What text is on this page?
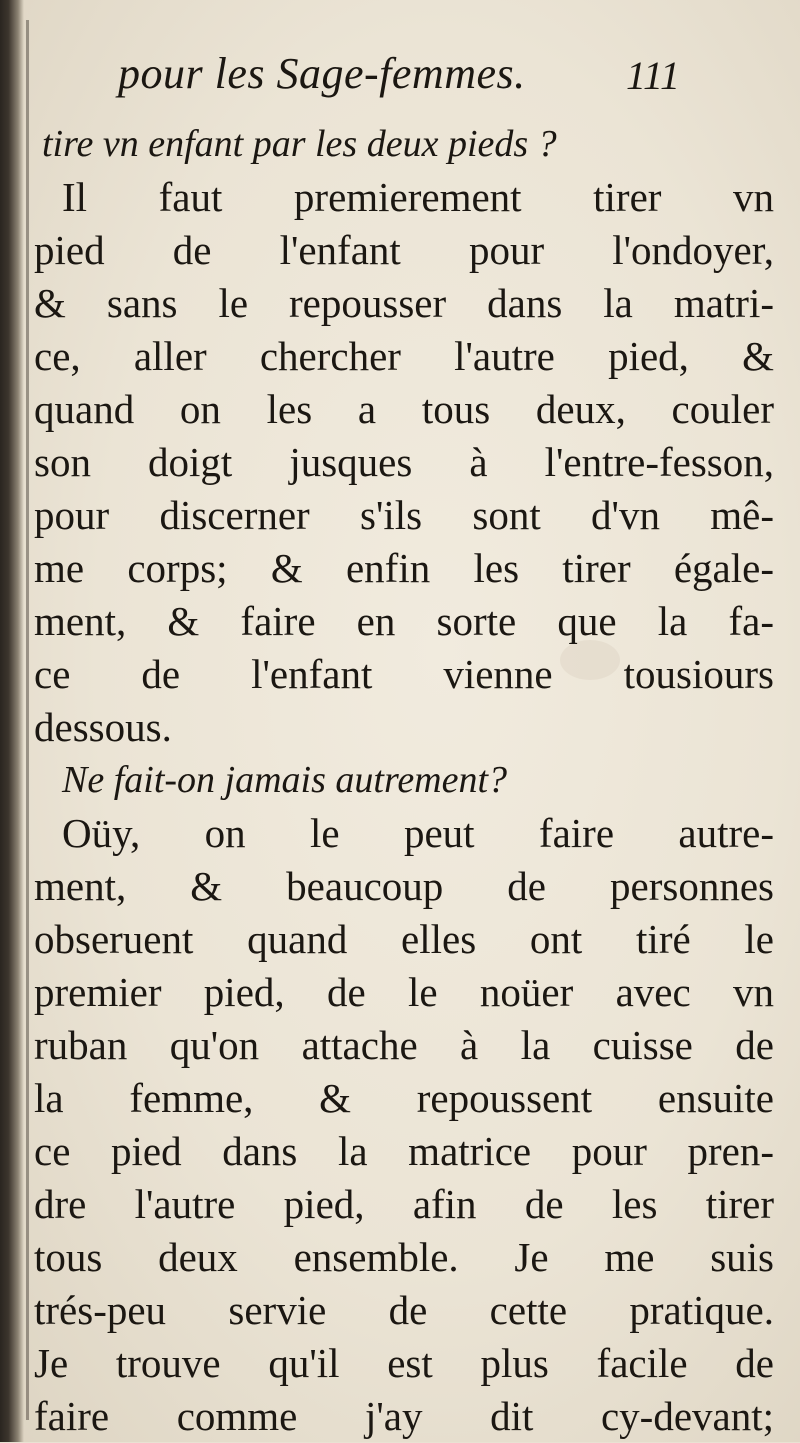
pour les Sage-femmes.	111
tire vn enfant par les deux pieds ?
Il faut premierement tirer vn
pied de l'enfant pour l'ondoyer,
& sans le repousser dans la matri-
ce, aller chercher l'autre pied, &
quand on les a tous deux, couler
son doigt jusques à l'entre-fesson,
pour discerner s'ils sont d'vn mê-
me corps; & enfin les tirer égale-
ment, & faire en sorte que la fa-
ce de l'enfant vienne tousiours
dessous.
Ne fait-on jamais autrement?
Oüy, on le peut faire autre-
ment, & beaucoup de personnes
obseruent quand elles ont tiré le
premier pied, de le noüer avec vn
ruban qu'on attache à la cuisse de
la femme, & repoussent ensuite
ce pied dans la matrice pour pren-
dre l'autre pied, afin de les tirer
tous deux ensemble. Je me suis
trés-peu servie de cette pratique.
Je trouve qu'il est plus facile de
faire comme j'ay dit cy-devant;
